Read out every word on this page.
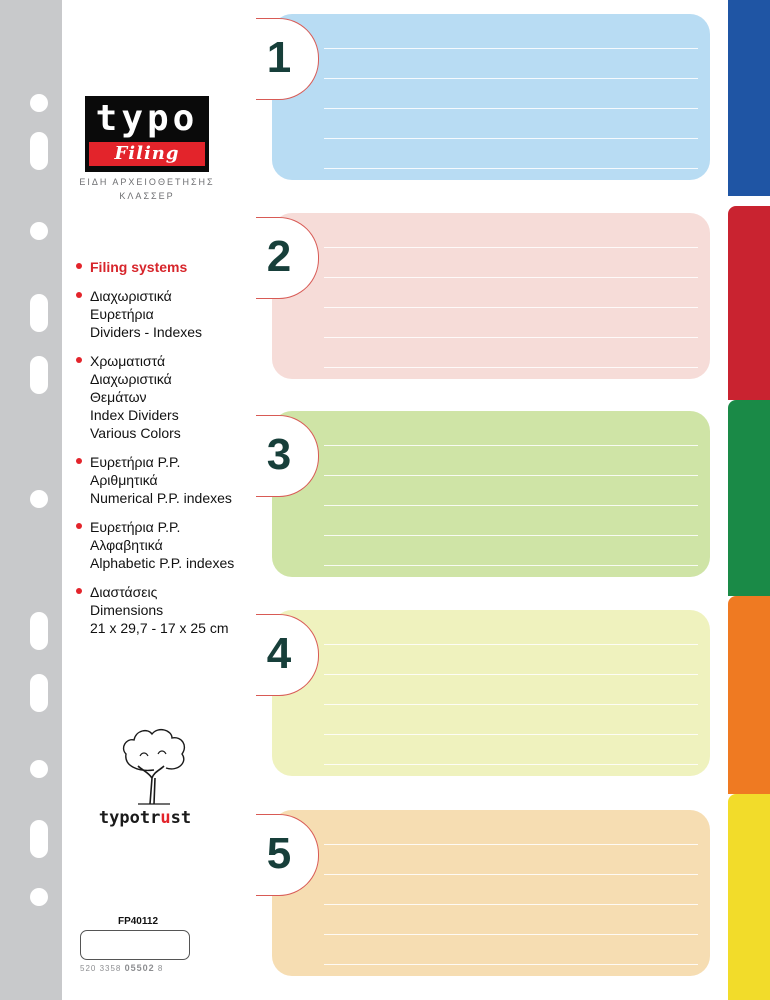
typo
Filing
ΕΙΔΗ ΑΡΧΕΙΟΘΕΤΗΣΗΣ
ΚΛΑΣΣΕΡ
Filing systems
Διαχωριστικά
Ευρετήρια
Dividers - Indexes
Χρωματιστά
Διαχωριστικά
Θεμάτων
Index Dividers
Various Colors
Ευρετήρια P.P.
Αριθμητικά
Numerical P.P. indexes
Ευρετήρια P.P.
Αλφαβητικά
Alphabetic P.P. indexes
Διαστάσεις
Dimensions
21 x 29,7 - 17 x 25 cm
typotrust
FP40112
520 3358 05502 8
1
2
3
4
5
